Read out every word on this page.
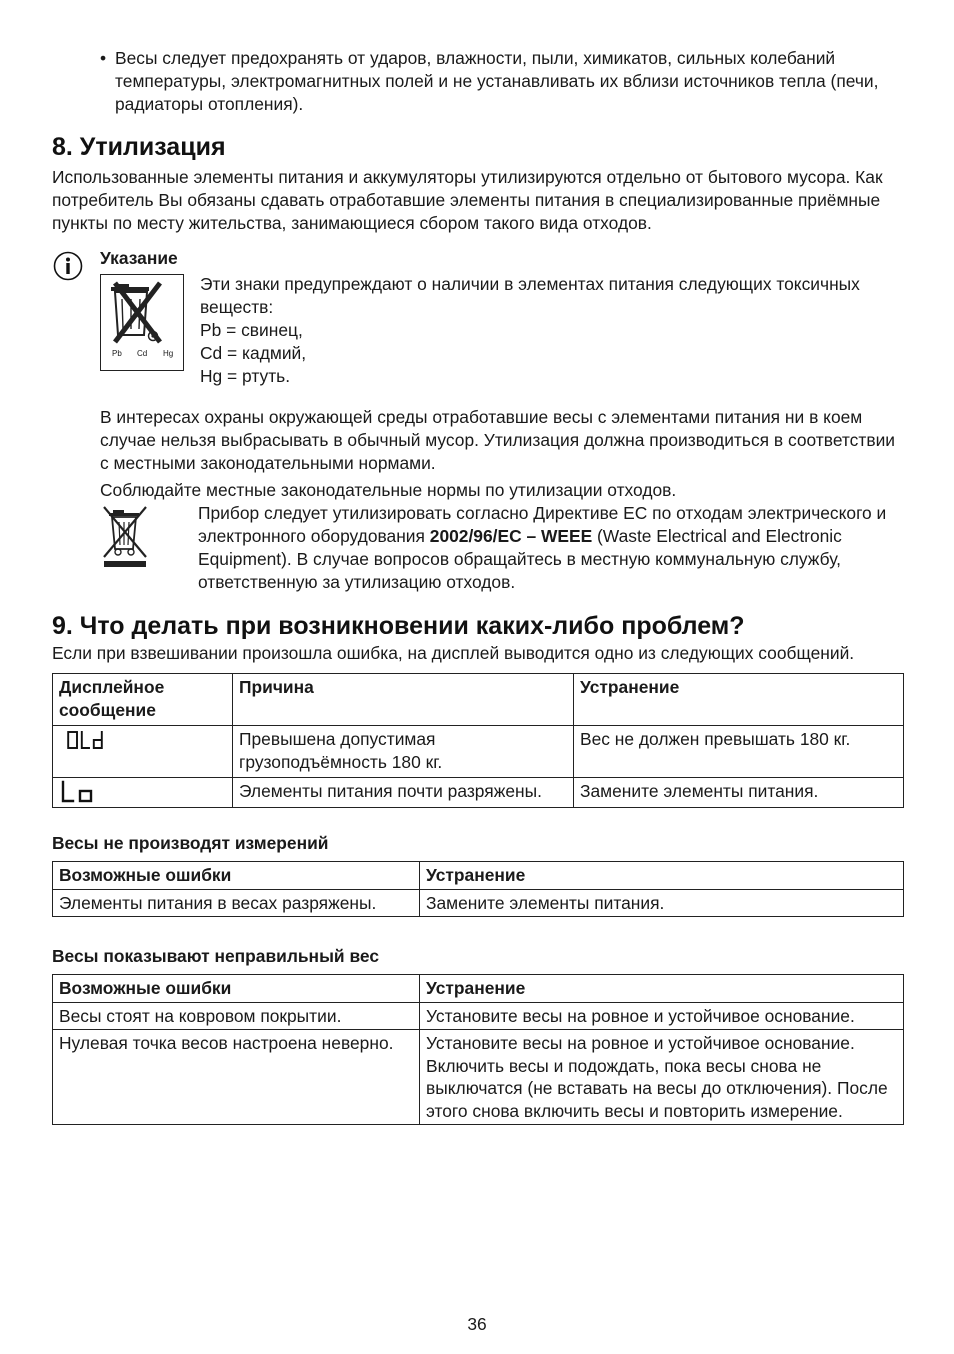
• Весы следует предохранять от ударов, влажности, пыли, химикатов, сильных колебаний температуры, электромагнитных полей и не устанавливать их вблизи источников тепла (печи, радиаторы отопления).

8. Утилизация

Использованные элементы питания и аккумуляторы утилизируются отдельно от бытового мусора. Как потребитель Вы обязаны сдавать отработавшие элементы питания в специализированные приёмные пункты по месту жительства, занимающиеся сбором такого вида отходов.

Указание
Pb Cd Hg

Эти знаки предупреждают о наличии в элементах питания следующих токсичных веществ:

Pb = свинец,

Cd = кадмий,

Hg = ртуть.

В интересах охраны окружающей среды отработавшие весы с элементами питания ни в коем случае нельзя выбрасывать в обычный мусор. Утилизация должна производиться в соответствии с местными законодательными нормами.

Соблюдайте местные законодательные нормы по утилизации отходов.

Прибор следует утилизировать согласно Директиве ЕС по отходам электрического и электронного оборудования 2002/96/EC – WEEE (Waste Electrical and Electronic Equipment). В случае вопросов обращайтесь в местную коммунальную службу, ответственную за утилизацию отходов.

9. Что делать при возникновении каких-либо проблем?

Если при взвешивании произошла ошибка, на дисплей выводится одно из следующих сообщений.

Дисплейное сообщение	Причина	Устранение

	Превышена допустимая грузоподъёмность 180 кг.	Вес не должен превышать 180 кг.

	Элементы питания почти разряжены.	Замените элементы питания.
Весы не производят измерений
Возможные ошибки	Устранение
Элементы питания в весах разряжены.	Замените элементы питания.
Весы показывают неправильный вес
Возможные ошибки	Устранение
Весы стоят на ковровом покрытии.	Установите весы на ровное и устойчивое основание.
Нулевая точка весов настроена неверно.	Установите весы на ровное и устойчивое основание. Включить весы и подождать, пока весы снова не выключатся (не вставать на весы до отключения). После этого снова включить весы и повторить измерение.
36
